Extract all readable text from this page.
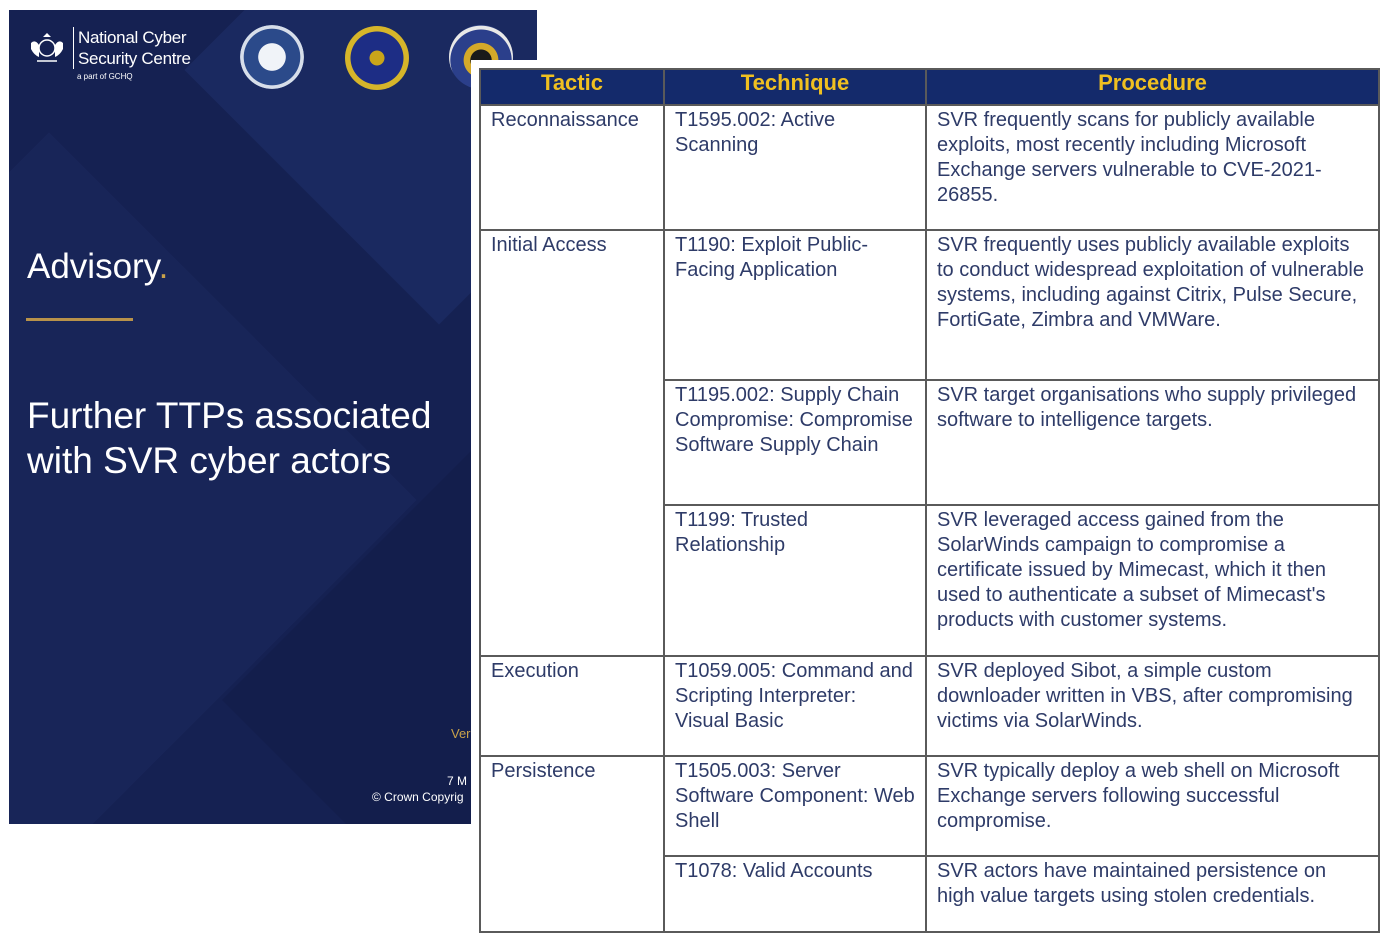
National Cyber
Security Centre
a part of GCHQ
Advisory.
Further TTPs associated
with SVR cyber actors
Ver
7 M
© Crown Copyrig
Tactic	Technique	Procedure
Reconnaissance	T1595.002: Active Scanning	SVR frequently scans for publicly available exploits, most recently including Microsoft Exchange servers vulnerable to CVE-2021-26855.
Initial Access	T1190: Exploit Public-Facing Application	SVR frequently uses publicly available exploits to conduct widespread exploitation of vulnerable systems, including against Citrix, Pulse Secure, FortiGate, Zimbra and VMWare.
	T1195.002: Supply Chain Compromise: Compromise Software Supply Chain	SVR target organisations who supply privileged software to intelligence targets.
	T1199: Trusted Relationship	SVR leveraged access gained from the SolarWinds campaign to compromise a certificate issued by Mimecast, which it then used to authenticate a subset of Mimecast's products with customer systems.
Execution	T1059.005: Command and Scripting Interpreter: Visual Basic	SVR deployed Sibot, a simple custom downloader written in VBS, after compromising victims via SolarWinds.
Persistence	T1505.003: Server Software Component: Web Shell	SVR typically deploy a web shell on Microsoft Exchange servers following successful compromise.
	T1078: Valid Accounts	SVR actors have maintained persistence on high value targets using stolen credentials.
